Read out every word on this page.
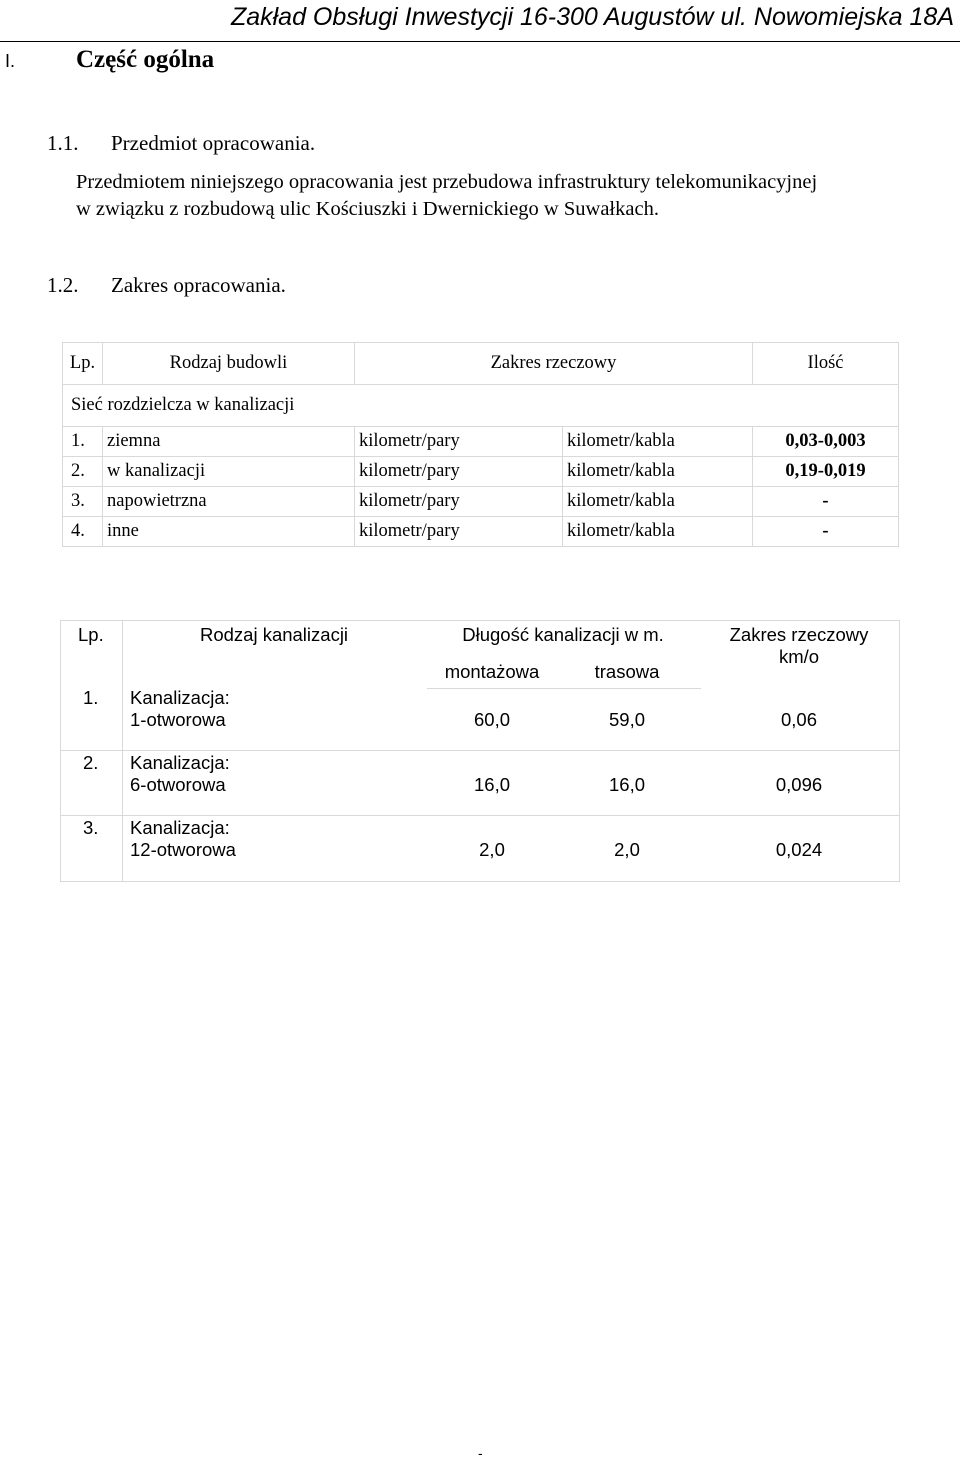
Zakład Obsługi Inwestycji 16-300 Augustów ul. Nowomiejska 18A
I. Część ogólna
1.1. Przedmiot opracowania.
Przedmiotem niniejszego opracowania jest przebudowa infrastruktury telekomunikacyjnej
w związku z rozbudową ulic Kościuszki i Dwernickiego w Suwałkach.
1.2. Zakres opracowania.
Lp.	Rodzaj budowli	Zakres rzeczowy		Ilość
Sieć rozdzielcza w kanalizacji				
1.	ziemna	kilometr/pary	kilometr/kabla	0,03-0,003
2.	w kanalizacji	kilometr/pary	kilometr/kabla	0,19-0,019
3.	napowietrzna	kilometr/pary	kilometr/kabla	-
4.	inne	kilometr/pary	kilometr/kabla	-
Lp.	Rodzaj kanalizacji	Długość kanalizacji w m.	Zakres rzeczowy
km/o
montażowa	trasowa
1. Kanalizacja:
1-otworowa	60,0	59,0	0,06
2. Kanalizacja:
6-otworowa	16,0	16,0	0,096
3. Kanalizacja:
12-otworowa	2,0	2,0	0,024
-
